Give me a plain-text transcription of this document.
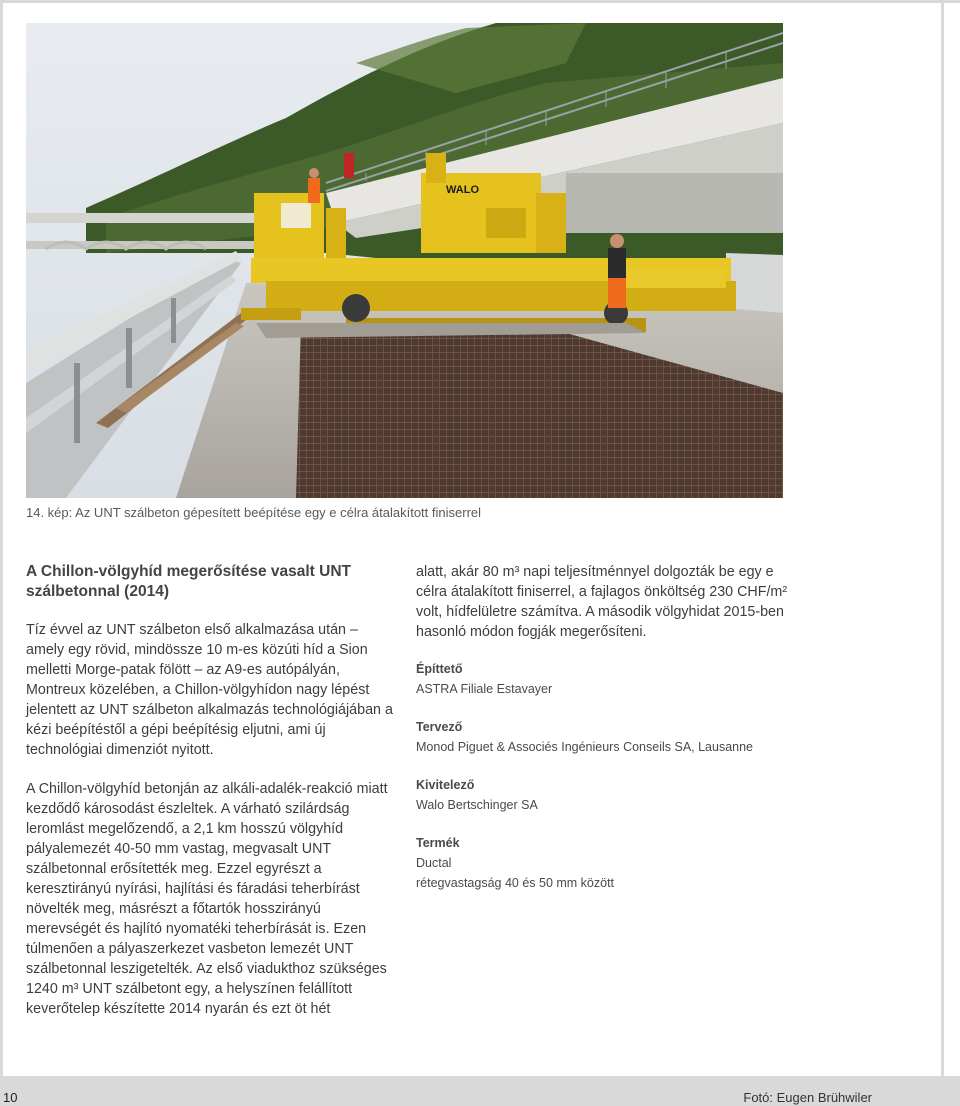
WALO
14. kép: Az UNT szálbeton gépesített beépítése egy e célra átalakított finiserrel
A Chillon-völgyhíd megerősítése vasalt UNT szálbetonnal (2014)

Tíz évvel az UNT szálbeton első alkalmazása után – amely egy rövid, mindössze 10 m-es közúti híd a Sion melletti Morge-patak fölött – az A9-es autópályán, Montreux közelében, a Chillon-völgyhídon nagy lépést jelentett az UNT szálbeton alkalmazás technológiájában a kézi beépítéstől a gépi beépítésig eljutni, ami új technológiai dimenziót nyitott.

A Chillon-völgyhíd betonján az alkáli-adalék-reakció miatt kezdődő károsodást észleltek. A várható szilárdság leromlást megelőzendő, a 2,1 km hosszú völgyhíd pályalemezét 40-50 mm vastag, megvasalt UNT szálbetonnal erősítették meg. Ezzel egyrészt a keresztirányú nyírási, hajlítási és fáradási teherbírást növelték meg, másrészt a főtartók hosszirányú merevségét és hajlító nyomatéki teherbírását is. Ezen túlmenően a pályaszerkezet vasbeton lemezét UNT szálbetonnal leszigetelték. Az első viadukthoz szükséges 1240 m³ UNT szálbetont egy, a helyszínen felállított keverőtelep készítette 2014 nyarán és ezt öt hét

alatt, akár 80 m³ napi teljesítménnyel dolgozták be egy e célra átalakított finiserrel, a fajlagos önköltség 230 CHF/m² volt, hídfelületre számítva. A második völgyhidat 2015-ben hasonló módon fogják megerősíteni.

Építtető
ASTRA Filiale Estavayer
Tervező
Monod Piguet & Associés Ingénieurs Conseils SA, Lausanne
Kivitelező
Walo Bertschinger SA
Termék
Ductal
rétegvastagság 40 és 50 mm között
10	Fotó: Eugen Brühwiler
